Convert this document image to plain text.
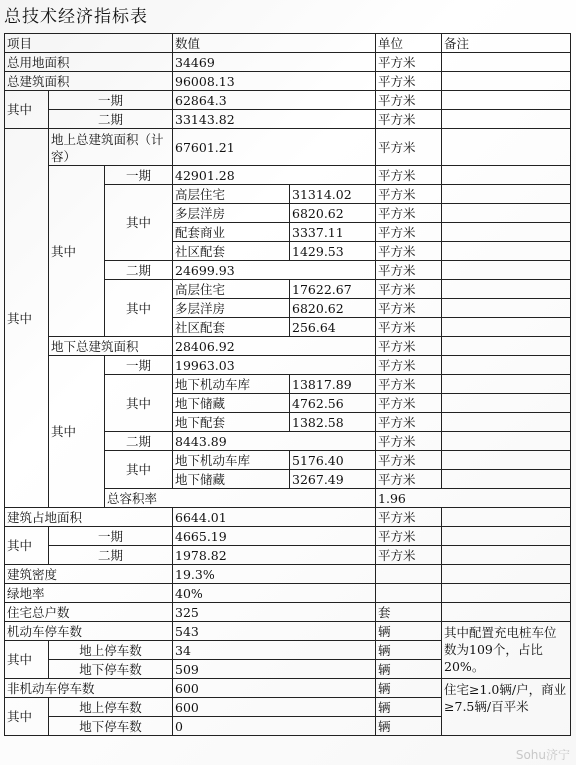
总技术经济指标表
项目			数值		单位	备注	
总用地面积			34469		平方米		
总建筑面积			96008.13		平方米		
其中	一期		62864.3		平方米		
	二期		33143.82		平方米		
其中	地上总建筑面积（计容）		67601.21		平方米		
	其中	一期	42901.28		平方米		
		其中	高层住宅	31314.02	平方米		
			多层洋房	6820.62	平方米		
			配套商业	3337.11	平方米		
			社区配套	1429.53	平方米		
		二期	24699.93		平方米		
		其中	高层住宅	17622.67	平方米		
			多层洋房	6820.62	平方米		
			社区配套	256.64	平方米		
	地下总建筑面积		28406.92		平方米		
	其中	一期	19963.03		平方米		
		其中	地下机动车库	13817.89	平方米		
			地下储藏	4762.56	平方米		
			地下配套	1382.58	平方米		
		二期	8443.89		平方米		
		其中	地下机动车库	5176.40	平方米		
			地下储藏	3267.49	平方米		
		总容积率			1.96		
建筑占地面积			6644.01		平方米		
其中	一期		4665.19		平方米		
	二期		1978.82		平方米		
建筑密度			19.3%				
绿地率			40%				
住宅总户数			325		套		
机动车停车数			543		辆	其中配置充电桩车位数为109个，占比20%。	
其中	地上停车数		34		辆		
	地下停车数		509		辆		
非机动车停车数			600		辆	住宅≥1.0辆/户，商业≥7.5辆/百平米	
其中	地上停车数		600		辆		
	地下停车数		0		辆		
Sohu济宁
